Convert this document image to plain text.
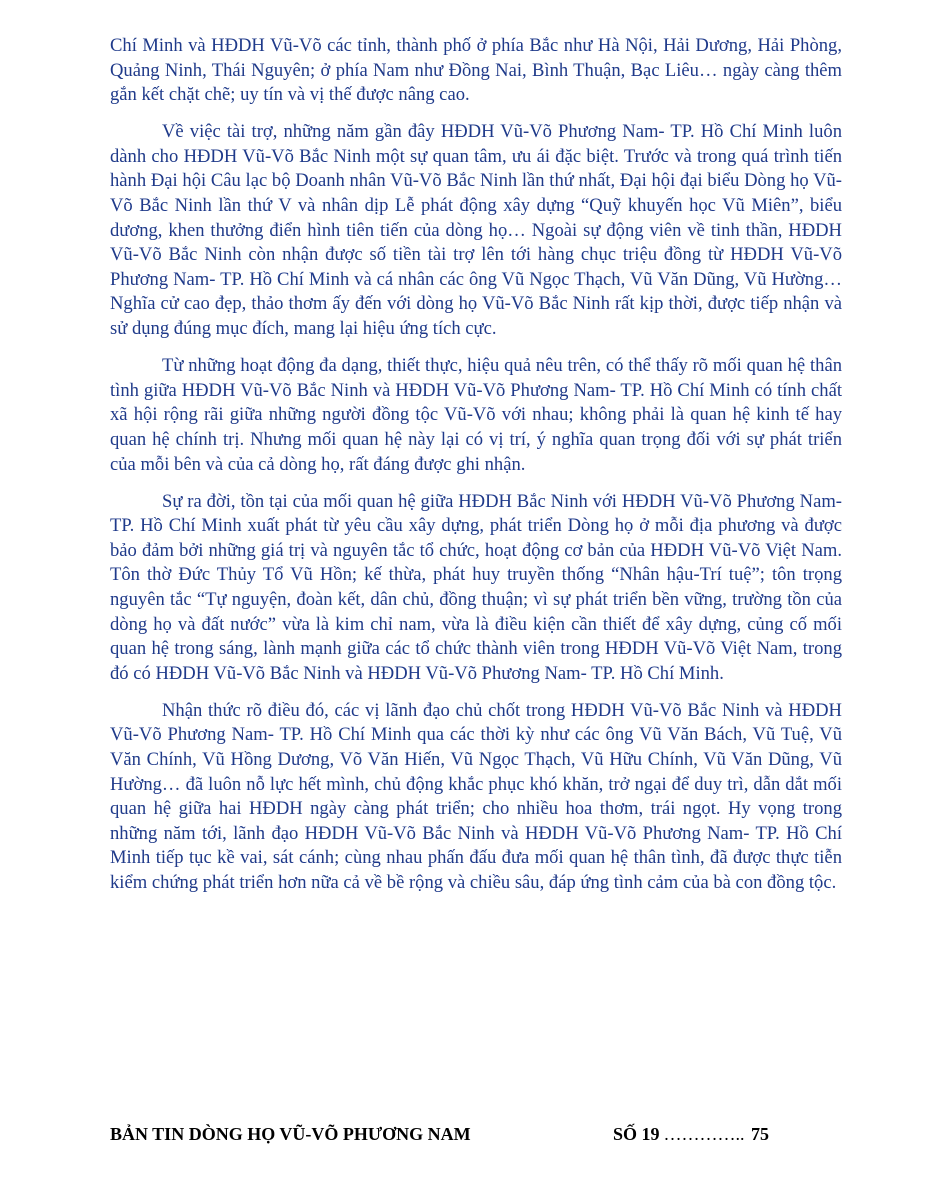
Chí Minh và HĐDH Vũ-Võ các tỉnh, thành phố ở phía Bắc như Hà Nội, Hải Dương, Hải Phòng, Quảng Ninh, Thái Nguyên; ở phía Nam như Đồng Nai, Bình Thuận, Bạc Liêu… ngày càng thêm gắn kết chặt chẽ; uy tín và vị thế được nâng cao.

Về việc tài trợ, những năm gần đây HĐDH Vũ-Võ Phương Nam- TP. Hồ Chí Minh luôn dành cho HĐDH Vũ-Võ Bắc Ninh một sự quan tâm, ưu ái đặc biệt. Trước và trong quá trình tiến hành Đại hội Câu lạc bộ Doanh nhân Vũ-Võ Bắc Ninh lần thứ nhất, Đại hội đại biểu Dòng họ Vũ-Võ Bắc Ninh lần thứ V và nhân dịp Lễ phát động xây dựng “Quỹ khuyến học Vũ Miên”, biểu dương, khen thưởng điển hình tiên tiến của dòng họ… Ngoài sự động viên về tinh thần, HĐDH Vũ-Võ Bắc Ninh còn nhận được số tiền tài trợ lên tới hàng chục triệu đồng từ HĐDH Vũ-Võ Phương Nam- TP. Hồ Chí Minh và cá nhân các ông Vũ Ngọc Thạch, Vũ Văn Dũng, Vũ Hường… Nghĩa cử cao đẹp, thảo thơm ấy đến với dòng họ Vũ-Võ Bắc Ninh rất kịp thời, được tiếp nhận và sử dụng đúng mục đích, mang lại hiệu ứng tích cực.

Từ những hoạt động đa dạng, thiết thực, hiệu quả nêu trên, có thể thấy rõ mối quan hệ thân tình giữa HĐDH Vũ-Võ Bắc Ninh và HĐDH Vũ-Võ Phương Nam- TP. Hồ Chí Minh có tính chất xã hội rộng rãi giữa những người đồng tộc Vũ-Võ với nhau; không phải là quan hệ kinh tế hay quan hệ chính trị. Nhưng mối quan hệ này lại có vị trí, ý nghĩa quan trọng đối với sự phát triển của mỗi bên và của cả dòng họ, rất đáng được ghi nhận.

Sự ra đời, tồn tại của mối quan hệ giữa HĐDH Bắc Ninh với HĐDH Vũ-Võ Phương Nam- TP. Hồ Chí Minh xuất phát từ yêu cầu xây dựng, phát triển Dòng họ ở mỗi địa phương và được bảo đảm bởi những giá trị và nguyên tắc tổ chức, hoạt động cơ bản của HĐDH Vũ-Võ Việt Nam. Tôn thờ Đức Thủy Tổ Vũ Hồn; kế thừa, phát huy truyền thống “Nhân hậu-Trí tuệ”; tôn trọng nguyên tắc “Tự nguyện, đoàn kết, dân chủ, đồng thuận; vì sự phát triển bền vững, trường tồn của dòng họ và đất nước” vừa là kim chỉ nam, vừa là điều kiện cần thiết để xây dựng, củng cố mối quan hệ trong sáng, lành mạnh giữa các tổ chức thành viên trong HĐDH Vũ-Võ Việt Nam, trong đó có HĐDH Vũ-Võ Bắc Ninh và HĐDH Vũ-Võ Phương Nam- TP. Hồ Chí Minh.

Nhận thức rõ điều đó, các vị lãnh đạo chủ chốt trong HĐDH Vũ-Võ Bắc Ninh và HĐDH Vũ-Võ Phương Nam- TP. Hồ Chí Minh qua các thời kỳ như các ông Vũ Văn Bách, Vũ Tuệ, Vũ Văn Chính, Vũ Hồng Dương, Võ Văn Hiến, Vũ Ngọc Thạch, Vũ Hữu Chính, Vũ Văn Dũng, Vũ Hường… đã luôn nỗ lực hết mình, chủ động khắc phục khó khăn, trở ngại để duy trì, dẫn dắt mối quan hệ giữa hai HĐDH ngày càng phát triển; cho nhiều hoa thơm, trái ngọt. Hy vọng trong những năm tới, lãnh đạo HĐDH Vũ-Võ Bắc Ninh và HĐDH Vũ-Võ Phương Nam- TP. Hồ Chí Minh tiếp tục kề vai, sát cánh; cùng nhau phấn đấu đưa mối quan hệ thân tình, đã được thực tiễn kiểm chứng phát triển hơn nữa cả về bề rộng và chiều sâu, đáp ứng tình cảm của bà con đồng tộc.

BẢN TIN DÒNG HỌ VŨ-VÕ PHƯƠNG NAM	SỐ 19 ………….. 75
